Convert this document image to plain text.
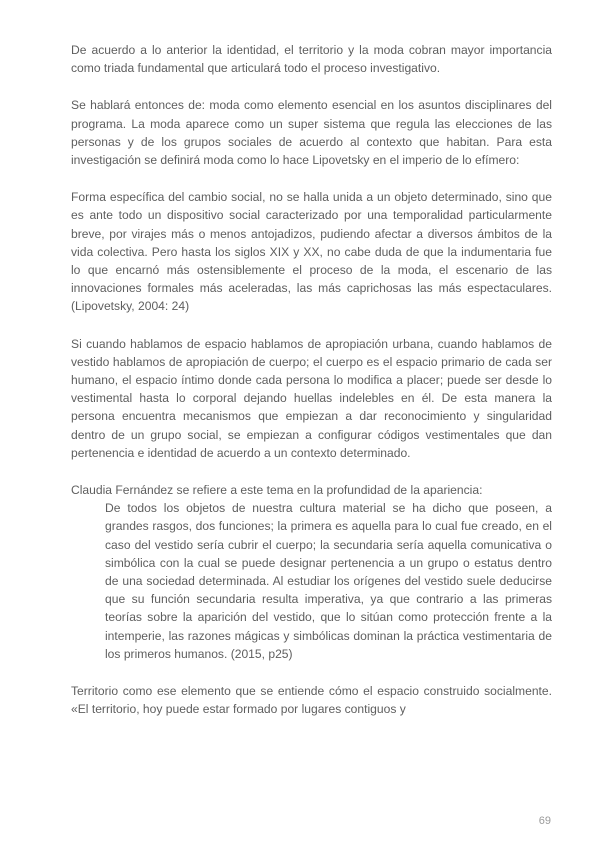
De acuerdo a lo anterior la identidad, el territorio y la moda cobran mayor importancia como triada fundamental que articulará todo el proceso investigativo.

Se hablará entonces de: moda como elemento esencial en los asuntos disciplinares del programa. La moda aparece como un super sistema que regula las elecciones de las personas y de los grupos sociales de acuerdo al contexto que habitan. Para esta investigación se definirá moda como lo hace Lipovetsky en el imperio de lo efímero:

Forma específica del cambio social, no se halla unida a un objeto determinado, sino que es ante todo un dispositivo social caracterizado por una temporalidad particularmente breve, por virajes más o menos antojadizos, pudiendo afectar a diversos ámbitos de la vida colectiva. Pero hasta los siglos XIX y XX, no cabe duda de que la indumentaria fue lo que encarnó más ostensiblemente el proceso de la moda, el escenario de las innovaciones formales más aceleradas, las más caprichosas las más espectaculares. (Lipovetsky, 2004: 24)

Si cuando hablamos de espacio hablamos de apropiación urbana, cuando hablamos de vestido hablamos de apropiación de cuerpo; el cuerpo es el espacio primario de cada ser humano, el espacio íntimo donde cada persona lo modifica a placer; puede ser desde lo vestimental hasta lo corporal dejando huellas indelebles en él. De esta manera la persona encuentra mecanismos que empiezan a dar reconocimiento y singularidad dentro de un grupo social, se empiezan a configurar códigos vestimentales que dan pertenencia e identidad de acuerdo a un contexto determinado.

Claudia Fernández se refiere a este tema en la profundidad de la apariencia:

De todos los objetos de nuestra cultura material se ha dicho que poseen, a grandes rasgos, dos funciones; la primera es aquella para lo cual fue creado, en el caso del vestido sería cubrir el cuerpo; la secundaria sería aquella comunicativa o simbólica con la cual se puede designar pertenencia a un grupo o estatus dentro de una sociedad determinada. Al estudiar los orígenes del vestido suele deducirse que su función secundaria resulta imperativa, ya que contrario a las primeras teorías sobre la aparición del vestido, que lo sitúan como protección frente a la intemperie, las razones mágicas y simbólicas dominan la práctica vestimentaria de los primeros humanos. (2015, p25)

Territorio como ese elemento que se entiende cómo el espacio construido socialmente. «El territorio, hoy puede estar formado por lugares contiguos y

69
